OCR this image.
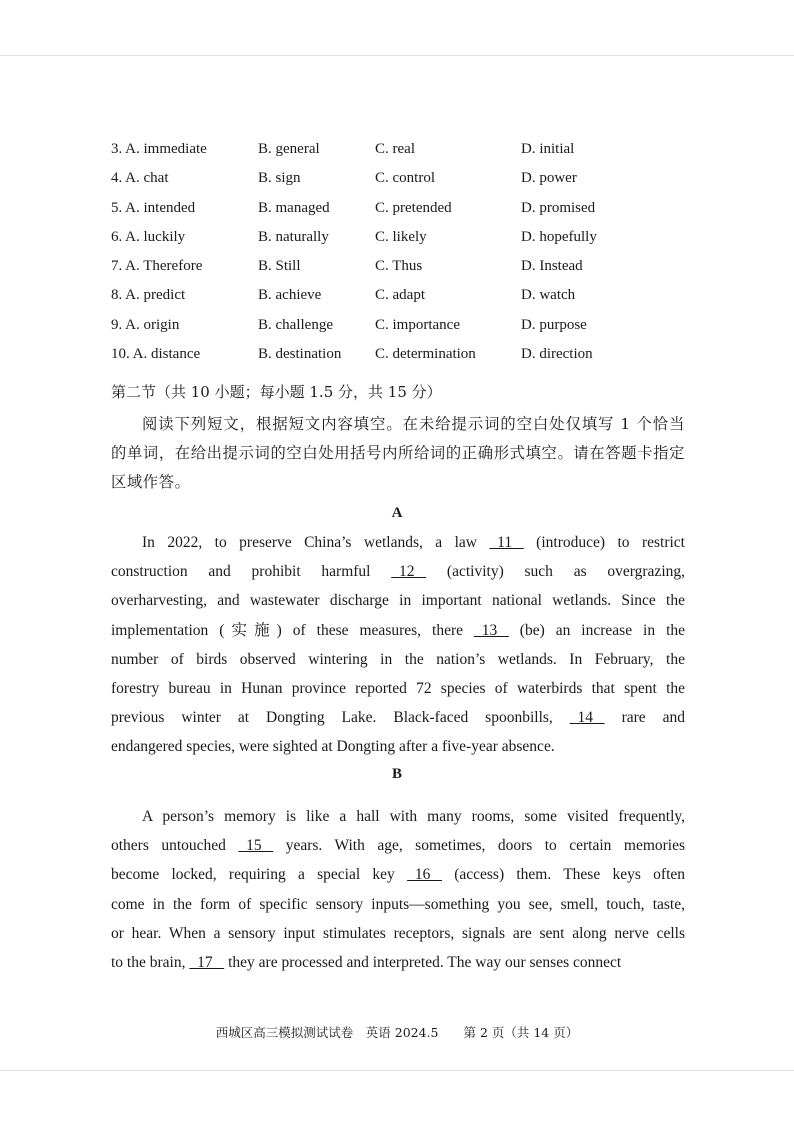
3. A. immediate	B. general	C. real	D. initial
4. A. chat	B. sign	C. control	D. power
5. A. intended	B. managed	C. pretended	D. promised
6. A. luckily	B. naturally	C. likely	D. hopefully
7. A. Therefore	B. Still	C. Thus	D. Instead
8. A. predict	B. achieve	C. adapt	D. watch
9. A. origin	B. challenge	C. importance	D. purpose
10. A. distance	B. destination C. determination	D. direction
第二节（共 10 小题；每小题 1.5 分，共 15 分）
阅读下列短文，根据短文内容填空。在未给提示词的空白处仅填写 1 个恰当的单词，在给出提示词的空白处用括号内所给词的正确形式填空。请在答题卡指定区域作答。
A
In 2022, to preserve China’s wetlands, a law   11    (introduce) to restrict
construction and prohibit harmful   12    (activity) such as overgrazing,
overharvesting, and wastewater discharge in important national wetlands. Since the
implementation (实施) of these measures, there   13    (be) an increase in the
number of birds observed wintering in the nation’s wetlands. In February, the
forestry bureau in Hunan province reported 72 species of waterbirds that spent the
previous winter at Dongting Lake. Black-faced spoonbills,   14    rare and
endangered species, were sighted at Dongting after a five-year absence.
B
A person’s memory is like a hall with many rooms, some visited frequently,
others untouched   15    years. With age, sometimes, doors to certain memories
become locked, requiring a special key   16    (access) them. These keys often
come in the form of specific sensory inputs—something you see, smell, touch, taste,
or hear. When a sensory input stimulates receptors, signals are sent along nerve cells
to the brain,   17    they are processed and interpreted. The way our senses connect
西城区高三模拟测试试卷　英语 2024.5　　第 2 页（共 14 页）
